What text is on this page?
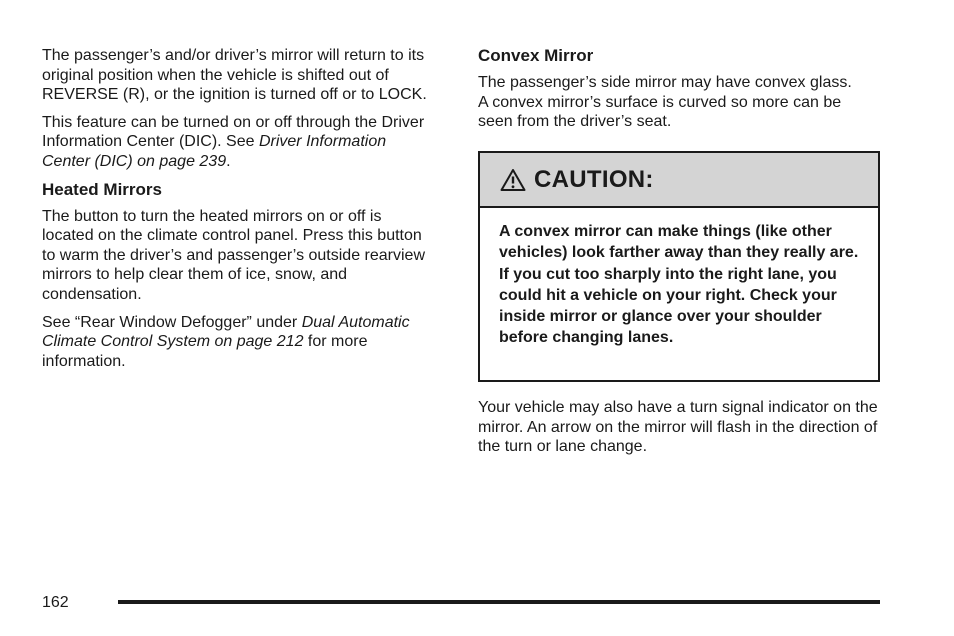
The passenger’s and/or driver’s mirror will return to its original position when the vehicle is shifted out of REVERSE (R), or the ignition is turned off or to LOCK.

This feature can be turned on or off through the Driver Information Center (DIC). See Driver Information Center (DIC) on page 239.

Heated Mirrors

The button to turn the heated mirrors on or off is located on the climate control panel. Press this button to warm the driver’s and passenger’s outside rearview mirrors to help clear them of ice, snow, and condensation.

See “Rear Window Defogger” under Dual Automatic Climate Control System on page 212 for more information.

Convex Mirror

The passenger’s side mirror may have convex glass. A convex mirror’s surface is curved so more can be seen from the driver’s seat.

CAUTION:
A convex mirror can make things (like other vehicles) look farther away than they really are. If you cut too sharply into the right lane, you could hit a vehicle on your right. Check your inside mirror or glance over your shoulder before changing lanes.

Your vehicle may also have a turn signal indicator on the mirror. An arrow on the mirror will flash in the direction of the turn or lane change.

162
